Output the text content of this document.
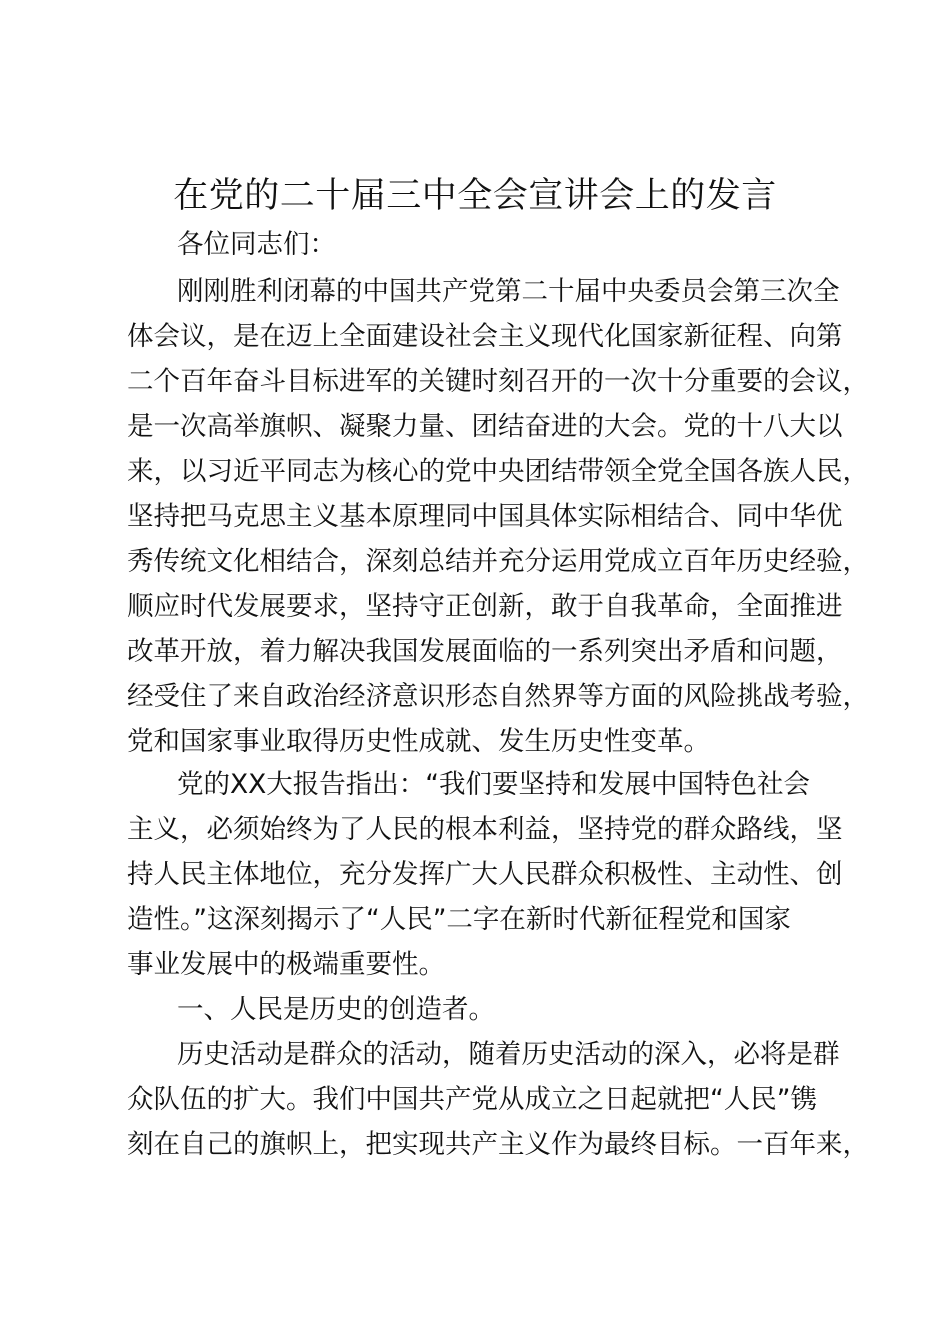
在党的二十届三中全会宣讲会上的发言
各位同志们：
刚刚胜利闭幕的中国共产党第二十届中央委员会第三次全
体会议，是在迈上全面建设社会主义现代化国家新征程、向第
二个百年奋斗目标进军的关键时刻召开的一次十分重要的会议，
是一次高举旗帜、凝聚力量、团结奋进的大会。党的十八大以
来，以习近平同志为核心的党中央团结带领全党全国各族人民，
坚持把马克思主义基本原理同中国具体实际相结合、同中华优
秀传统文化相结合，深刻总结并充分运用党成立百年历史经验，
顺应时代发展要求，坚持守正创新，敢于自我革命，全面推进
改革开放，着力解决我国发展面临的一系列突出矛盾和问题，
经受住了来自政治经济意识形态自然界等方面的风险挑战考验，
党和国家事业取得历史性成就、发生历史性变革。
党的XX大报告指出：“我们要坚持和发展中国特色社会
主义，必须始终为了人民的根本利益，坚持党的群众路线，坚
持人民主体地位，充分发挥广大人民群众积极性、主动性、创
造性。”这深刻揭示了“人民”二字在新时代新征程党和国家
事业发展中的极端重要性。
一、人民是历史的创造者。
历史活动是群众的活动，随着历史活动的深入，必将是群
众队伍的扩大。我们中国共产党从成立之日起就把“人民”镌
刻在自己的旗帜上，把实现共产主义作为最终目标。一百年来，
